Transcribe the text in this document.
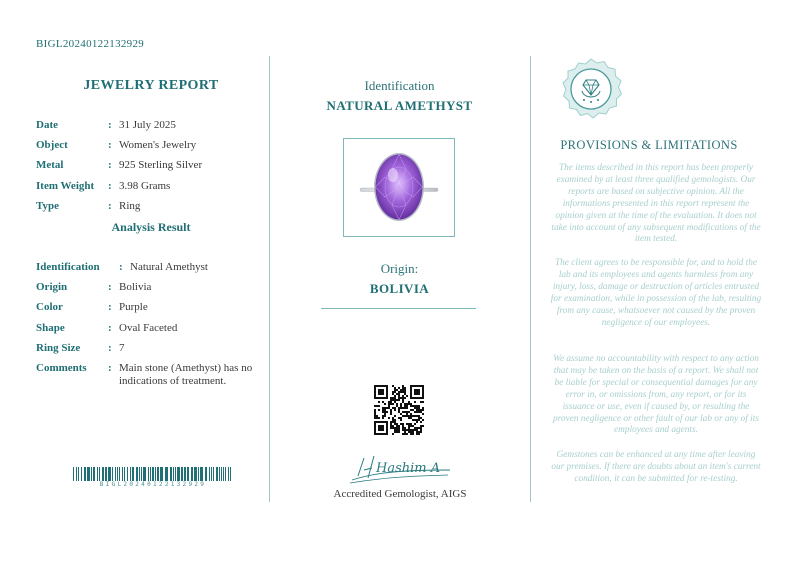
BIGL20240122132929
JEWELRY REPORT
Date	: 31 July 2025
Object	: Women's Jewelry
Metal	: 925 Sterling Silver
Item Weight	: 3.98 Grams
Type	: Ring
Analysis Result
Identification	: Natural Amethyst
Origin	: Bolivia
Color	: Purple
Shape	: Oval Faceted
Ring Size	: 7
Comments	: Main stone (Amethyst) has no indications of treatment.
BIGL20240122132929
Identification
NATURAL AMETHYST
Origin:
BOLIVIA
Hashim A
Accredited Gemologist, AIGS
PROVISIONS & LIMITATIONS

The items described in this report has been properly examined by at least three qualified gemologists. Our reports are based on subjective opinion. All the informations presented in this report represent the opinion given at the time of the evaluation. It does not take into account of any subsequent modifications of the item tested.

The client agrees to be responsible for, and to hold the lab and its employees and agents harmless from any injury, loss, damage or destruction of articles entrusted for examination, while in possession of the lab, resulting from any cause, whatsoever not caused by the proven negligence of our employees.

We assume no accountability with respect to any action that may be taken on the basis of a report. We shall not be liable for special or consequential damages for any error in, or omissions from, any report, or for its issuance or use, even if caused by, or resulting the proven negligence or other fault of our lab or any of its employees and agents.

Gemstones can be enhanced at any time after leaving our premises. If there are doubts about an item's current condition, it can be submitted for re-testing.
